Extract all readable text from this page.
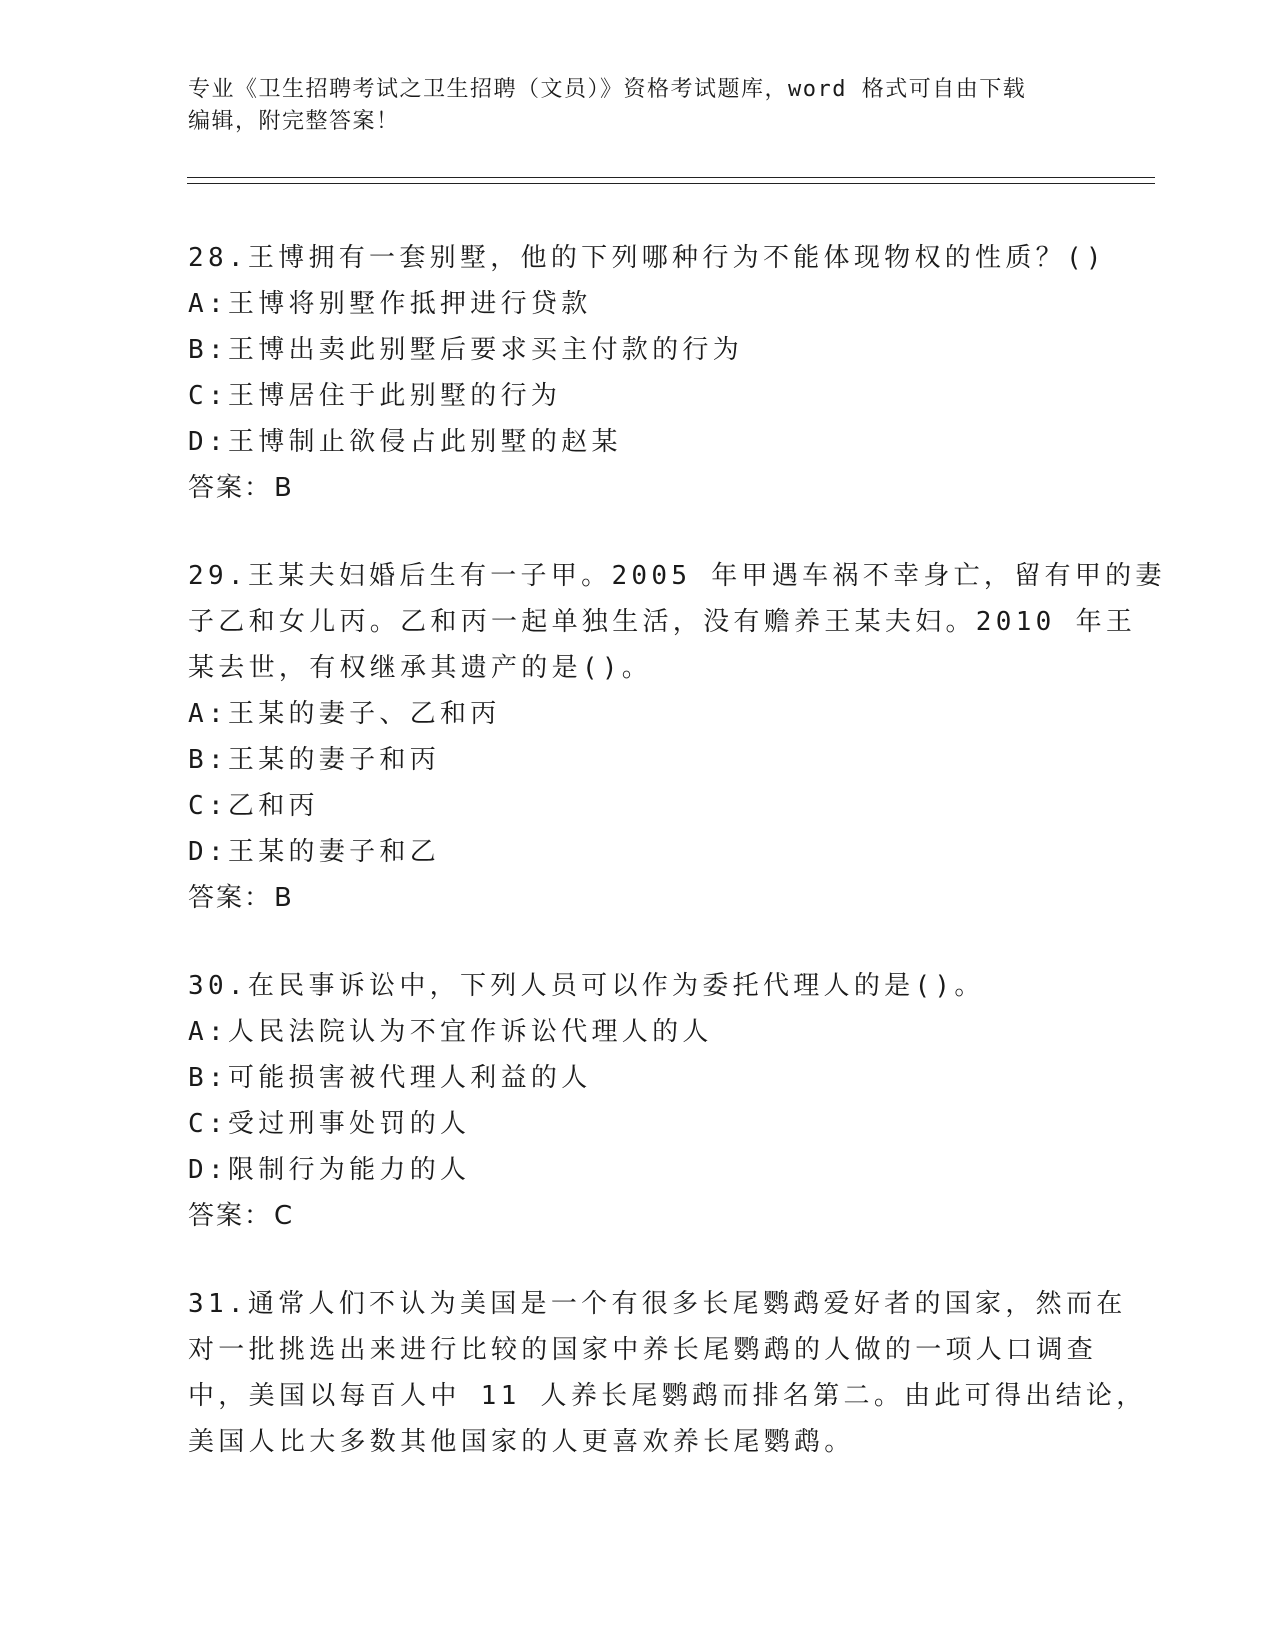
专业《卫生招聘考试之卫生招聘（文员）》资格考试题库，word 格式可自由下载
编辑，附完整答案！
28.王博拥有一套别墅，他的下列哪种行为不能体现物权的性质？()
A:王博将别墅作抵押进行贷款
B:王博出卖此别墅后要求买主付款的行为
C:王博居住于此别墅的行为
D:王博制止欲侵占此别墅的赵某
答案：B
29.王某夫妇婚后生有一子甲。2005 年甲遇车祸不幸身亡，留有甲的妻
子乙和女儿丙。乙和丙一起单独生活，没有赡养王某夫妇。2010 年王
某去世，有权继承其遗产的是()。
A:王某的妻子、乙和丙
B:王某的妻子和丙
C:乙和丙
D:王某的妻子和乙
答案：B
30.在民事诉讼中，下列人员可以作为委托代理人的是()。
A:人民法院认为不宜作诉讼代理人的人
B:可能损害被代理人利益的人
C:受过刑事处罚的人
D:限制行为能力的人
答案：C
31.通常人们不认为美国是一个有很多长尾鹦鹉爱好者的国家，然而在
对一批挑选出来进行比较的国家中养长尾鹦鹉的人做的一项人口调查
中，美国以每百人中 11 人养长尾鹦鹉而排名第二。由此可得出结论，
美国人比大多数其他国家的人更喜欢养长尾鹦鹉。
